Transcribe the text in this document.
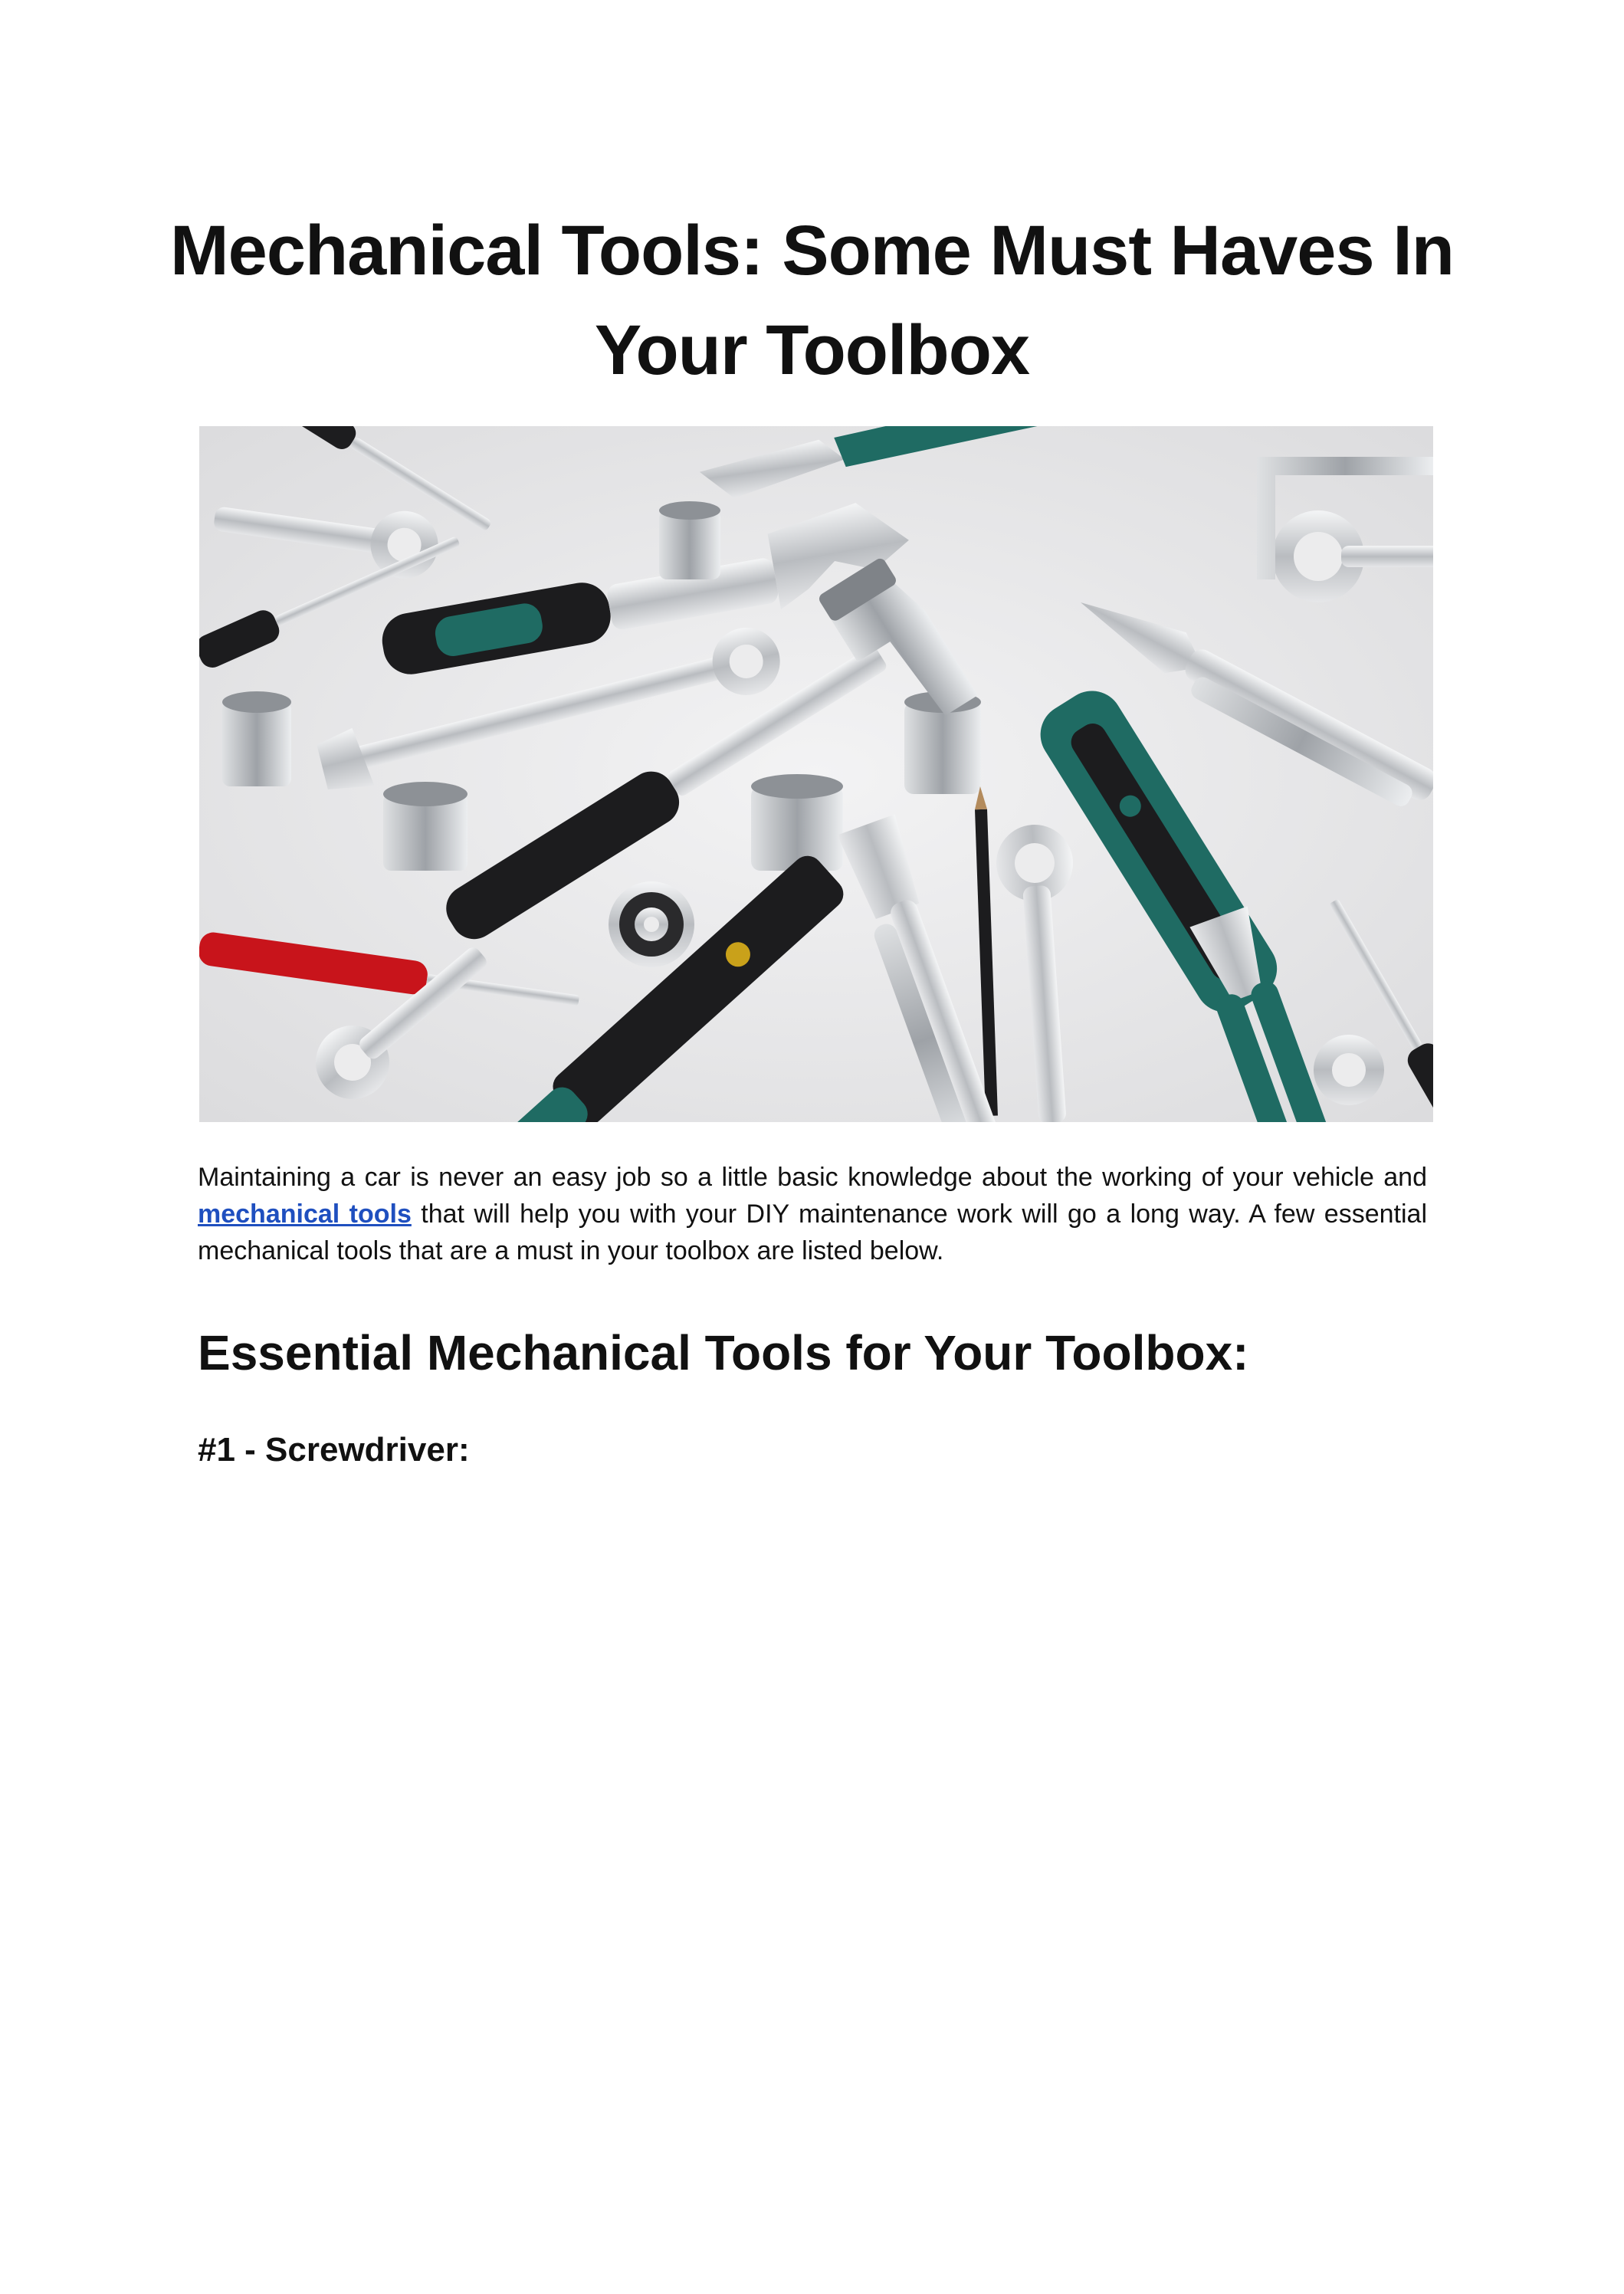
Mechanical Tools: Some Must Haves In Your Toolbox

Maintaining a car is never an easy job so a little basic knowledge about the working of your vehicle and mechanical tools that will help you with your DIY maintenance work will go a long way. A few essential mechanical tools that are a must in your toolbox are listed below.

Essential Mechanical Tools for Your Toolbox:
#1 - Screwdriver:
